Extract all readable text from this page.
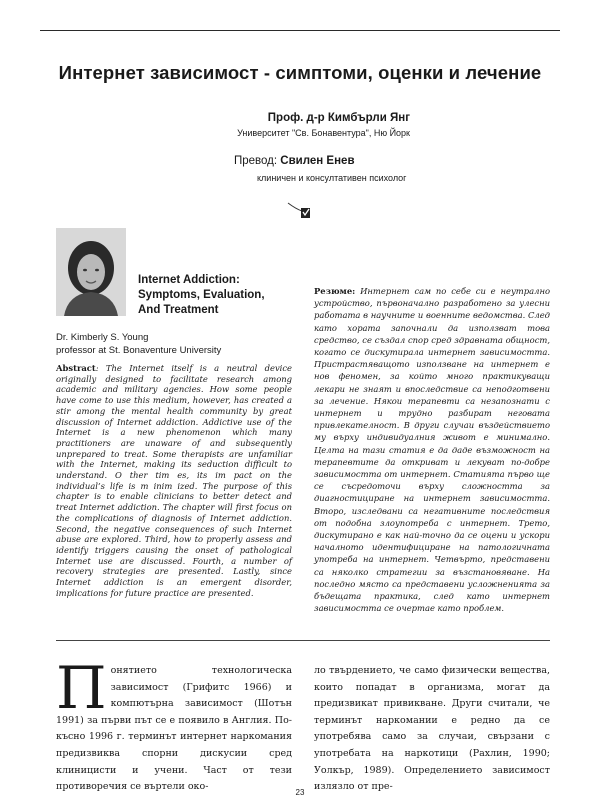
Интернет зависимост - симптоми, оценки и лечение
Проф. д-р Кимбърли Янг
Университет "Св. Бонавентура", Ню Йорк
Превод: Свилен Енев
клиничен и консултативен психолог
Internet Addiction:
Symptoms, Evaluation,
And Treatment
Dr. Kimberly S. Young
professor at St. Bonaventure University
Abstract: The Internet itself is a neutral device originally designed to facilitate research among academic and military agencies. How some people have come to use this medium, however, has created a stir among the mental health community by great discussion of Internet addiction. Addictive use of the Internet is a new phenomenon which many practitioners are unaware of and subsequently unprepared to treat. Some therapists are unfamiliar with the Internet, making its seduction difficult to understand. O ther tim es, its im pact on the individual’s life is m inim ized. The purpose of this chapter is to enable clinicians to better detect and treat Internet addiction. The chapter will first focus on the complications of diagnosis of Internet addiction. Second, the negative consequences of such Internet abuse are explored. Third, how to properly assess and identify triggers causing the onset of pathological Internet use are discussed. Fourth, a number of recovery strategies are presented. Lastly, since Internet addiction is an emergent disorder, implications for future practice are presented.
Резюме: Интернет сам по себе си е неутрално устройство, първоначално разработено за улесни работата в научните и военните ведомства. След като хората започнали да използват това средство, се създал спор сред здравната общност, когато се дискутирала интернет зависимостта. Пристрастяващото използване на интернет е нов феномен, за който много практикуващи лекари не знаят и впоследствие са неподготвени за лечение. Някои терапевти са незапознати с интернет и трудно разбират неговата привлекателност. В други случаи въздействието му върху индивидуалния живот е минимално. Целта на тази статия е да даде възможност на терапевтите да откриват и лекуват по-добре зависимостта от интернет. Статията първо ще се съсредоточи върху сложността за диагностициране на интернет зависимостта. Второ, изследвани са негативните последствия от подобна злоупотреба с интернет. Трето, дискутирано е как най-точно да се оцени и ускори началното идентифициране на патологичната употреба на интернет. Четвърто, представени са няколко стратегии за възстановяване. На последно място са представени усложненията за бъдещата практика, след като интернет зависимостта се очертае като проблем.
Понятието технологическа зависимост (Грифитс 1966) и компютърна зависимост (Шотън 1991) за първи път се е появило в Англия. По-късно 1996 г. терминът интернет наркомания предизвиква спорни дискусии сред клиницисти и учени. Част от тези противоречия се въртели око-
ло твърдението, че само физически вещества, които попадат в организма, могат да предизвикат привикване. Други считали, че терминът наркомании е редно да се употребява само за случаи, свързани с употребата на наркотици (Рахлин, 1990; Уолкър, 1989). Определението зависимост излязло от пре-
23
